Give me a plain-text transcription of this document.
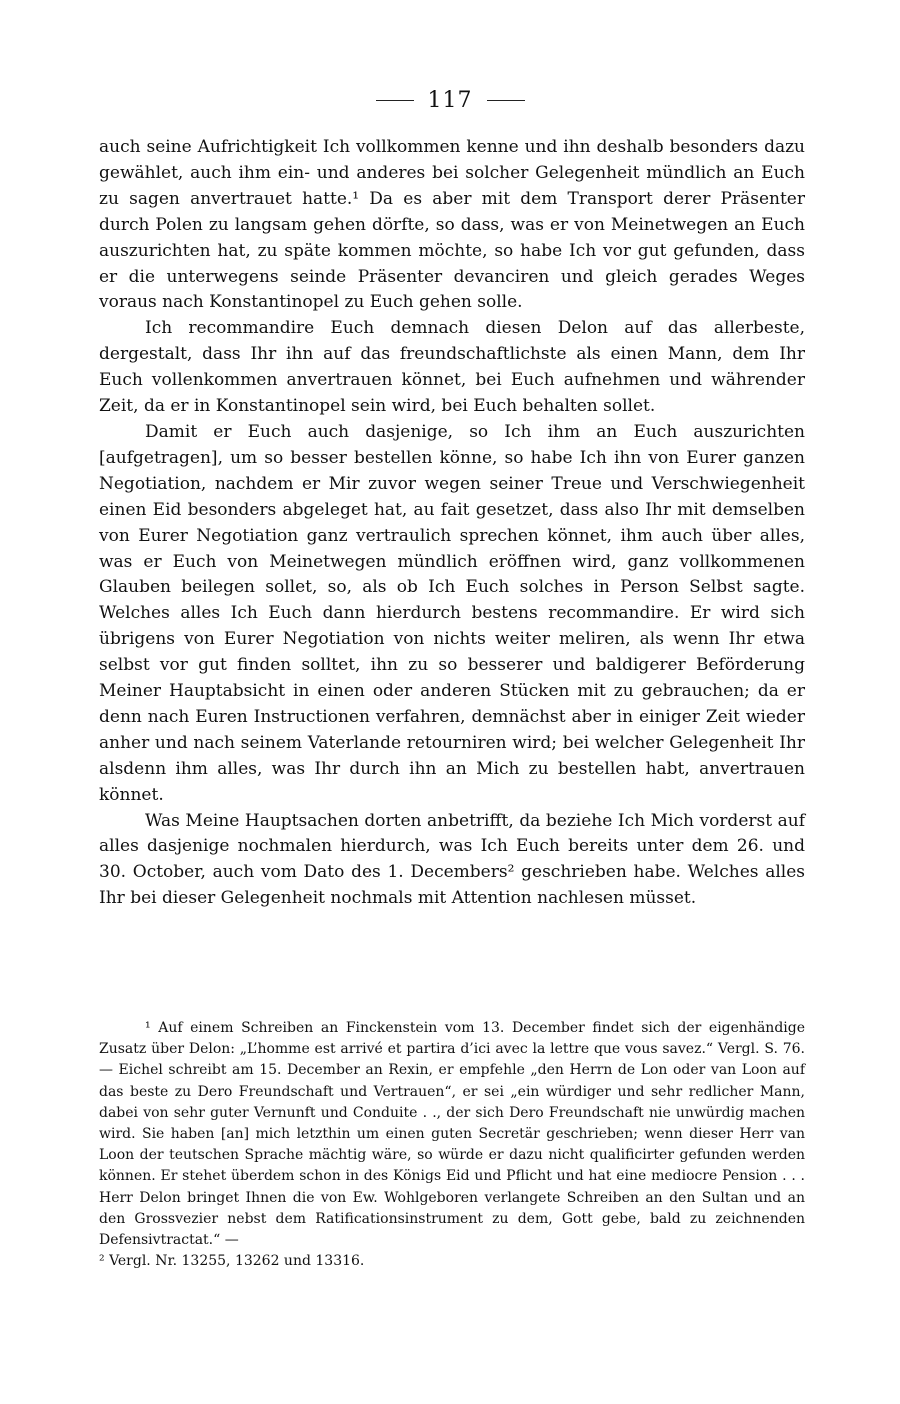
117

auch seine Aufrichtigkeit Ich vollkommen kenne und ihn deshalb besonders dazu gewählet, auch ihm ein- und anderes bei solcher Gelegenheit mündlich an Euch zu sagen anvertrauet hatte.¹ Da es aber mit dem Transport derer Präsenter durch Polen zu langsam gehen dörfte, so dass, was er von Meinetwegen an Euch auszurichten hat, zu späte kommen möchte, so habe Ich vor gut gefunden, dass er die unterwegens seinde Präsenter devanciren und gleich gerades Weges voraus nach Konstantinopel zu Euch gehen solle.

Ich recommandire Euch demnach diesen Delon auf das allerbeste, dergestalt, dass Ihr ihn auf das freundschaftlichste als einen Mann, dem Ihr Euch vollenkommen anvertrauen könnet, bei Euch aufnehmen und währender Zeit, da er in Konstantinopel sein wird, bei Euch behalten sollet.

Damit er Euch auch dasjenige, so Ich ihm an Euch auszurichten [aufgetragen], um so besser bestellen könne, so habe Ich ihn von Eurer ganzen Negotiation, nachdem er Mir zuvor wegen seiner Treue und Verschwiegenheit einen Eid besonders abgeleget hat, au fait gesetzet, dass also Ihr mit demselben von Eurer Negotiation ganz vertraulich sprechen könnet, ihm auch über alles, was er Euch von Meinetwegen mündlich eröffnen wird, ganz vollkommenen Glauben beilegen sollet, so, als ob Ich Euch solches in Person Selbst sagte. Welches alles Ich Euch dann hierdurch bestens recommandire. Er wird sich übrigens von Eurer Negotiation von nichts weiter meliren, als wenn Ihr etwa selbst vor gut finden solltet, ihn zu so besserer und baldigerer Beförderung Meiner Hauptabsicht in einen oder anderen Stücken mit zu gebrauchen; da er denn nach Euren Instructionen verfahren, demnächst aber in einiger Zeit wieder anher und nach seinem Vaterlande retourniren wird; bei welcher Gelegenheit Ihr alsdenn ihm alles, was Ihr durch ihn an Mich zu bestellen habt, anvertrauen könnet.

Was Meine Hauptsachen dorten anbetrifft, da beziehe Ich Mich vorderst auf alles dasjenige nochmalen hierdurch, was Ich Euch bereits unter dem 26. und 30. October, auch vom Dato des 1. Decembers² geschrieben habe. Welches alles Ihr bei dieser Gelegenheit nochmals mit Attention nachlesen müsset.

¹ Auf einem Schreiben an Finckenstein vom 13. December findet sich der eigenhändige Zusatz über Delon: „L’homme est arrivé et partira d’ici avec la lettre que vous savez.“ Vergl. S. 76. — Eichel schreibt am 15. December an Rexin, er empfehle „den Herrn de Lon oder van Loon auf das beste zu Dero Freundschaft und Vertrauen“, er sei „ein würdiger und sehr redlicher Mann, dabei von sehr guter Vernunft und Conduite . ., der sich Dero Freundschaft nie unwürdig machen wird. Sie haben [an] mich letzthin um einen guten Secretär geschrieben; wenn dieser Herr van Loon der teutschen Sprache mächtig wäre, so würde er dazu nicht qualificirter gefunden werden können. Er stehet überdem schon in des Königs Eid und Pflicht und hat eine mediocre Pension . . . Herr Delon bringet Ihnen die von Ew. Wohlgeboren verlangete Schreiben an den Sultan und an den Grossvezier nebst dem Ratificationsinstrument zu dem, Gott gebe, bald zu zeichnenden Defensivtractat.“ —

² Vergl. Nr. 13255, 13262 und 13316.
